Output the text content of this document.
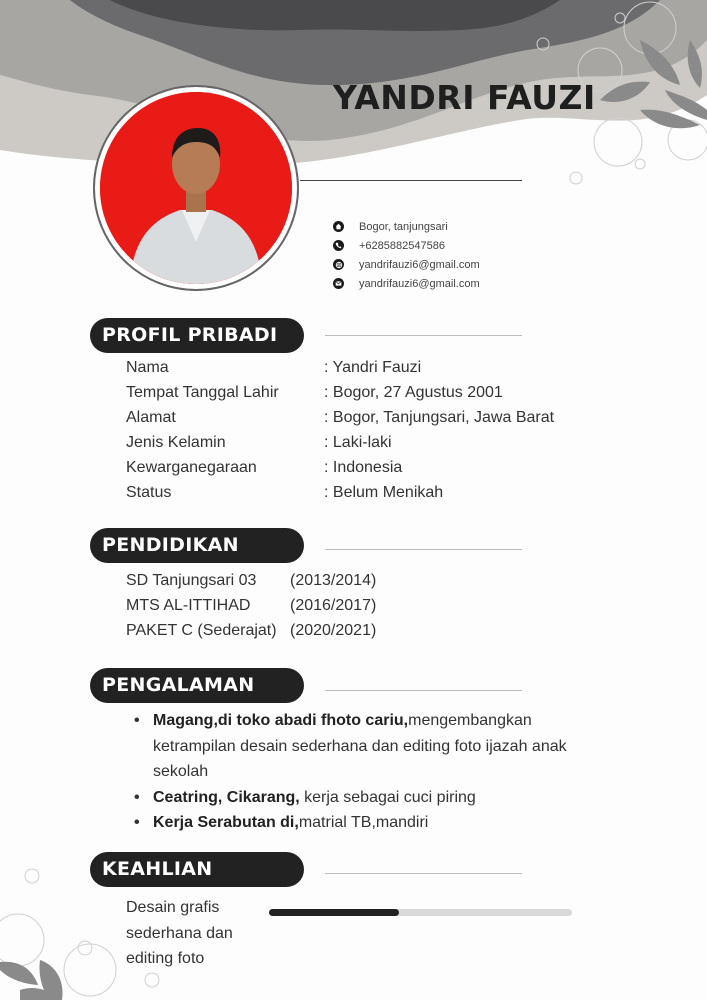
YANDRI FAUZI
Bogor, tanjungsari
+6285882547586
yandrifauzi6@gmail.com
yandrifauzi6@gmail.com
PROFIL PRIBADI
Nama	: Yandri Fauzi
Tempat Tanggal Lahir	: Bogor, 27 Agustus 2001
Alamat	: Bogor, Tanjungsari, Jawa Barat
Jenis Kelamin	: Laki-laki
Kewarganegaraan	: Indonesia
Status	: Belum Menikah
PENDIDIKAN
SD Tanjungsari 03 (2013/2014)
MTS AL-ITTIHAD (2016/2017)
PAKET C (Sederajat) (2020/2021)
PENGALAMAN
• Magang,di toko abadi fhoto cariu,mengembangkan ketrampilan desain sederhana dan editing foto ijazah anak sekolah
• Ceatring, Cikarang, kerja sebagai cuci piring
• Kerja Serabutan di,matrial TB,mandiri
KEAHLIAN
Desain grafis sederhana dan editing foto
